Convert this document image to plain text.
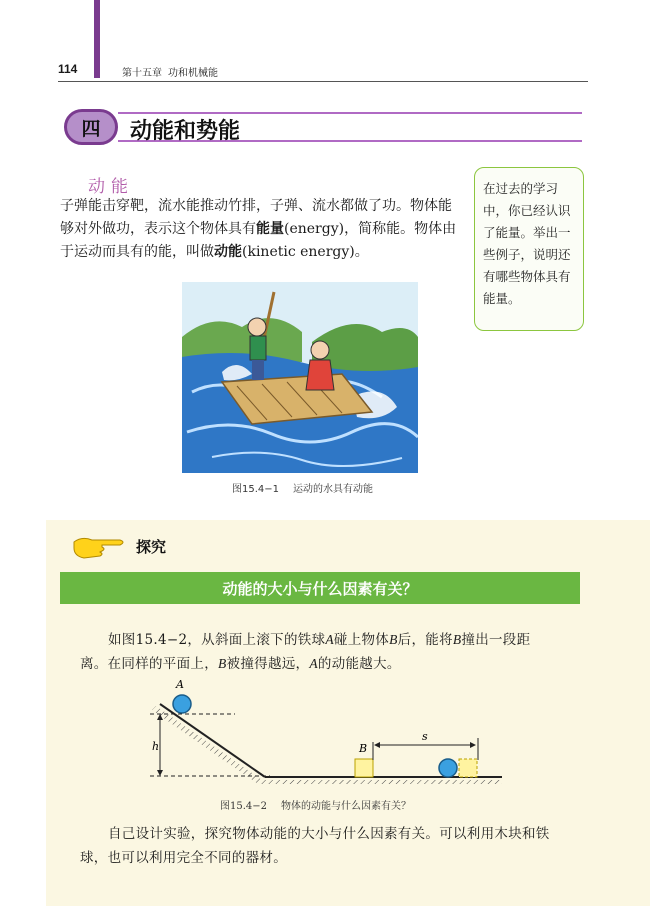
114	第十五章 功和机械能
四	动能和势能
动能
子弹能击穿靶，流水能推动竹排，子弹、流水都做了功。物体能够对外做功，表示这个物体具有能量(energy)，简称能。物体由于运动而具有的能，叫做动能(kinetic energy)。
在过去的学习中，你已经认识了能量。举出一些例子，说明还有哪些物体具有能量。
图15.4−1 运动的水具有动能
探究
动能的大小与什么因素有关？
如图15.4−2，从斜面上滚下的铁球A碰上物体B后，能将B撞出一段距离。在同样的平面上，B被撞得越远，A的动能越大。
A
h	B
s
图15.4−2 物体的动能与什么因素有关？
自己设计实验，探究物体动能的大小与什么因素有关。可以利用木块和铁球，也可以利用完全不同的器材。
